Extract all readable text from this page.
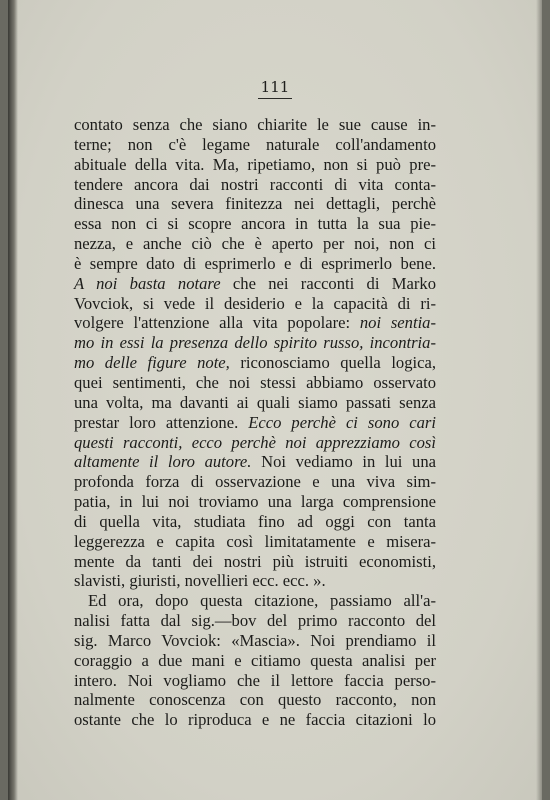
111
contato senza che siano chiarite le sue cause in-
terne; non c'è legame naturale coll'andamento
abituale della vita. Ma, ripetiamo, non si può pre-
tendere ancora dai nostri racconti di vita conta-
dinesca una severa finitezza nei dettagli, perchè
essa non ci si scopre ancora in tutta la sua pie-
nezza, e anche ciò che è aperto per noi, non ci
è sempre dato di esprimerlo e di esprimerlo bene.
A noi basta notare che nei racconti di Marko
Vovciok, si vede il desiderio e la capacità di ri-
volgere l'attenzione alla vita popolare: noi sentia-
mo in essi la presenza dello spirito russo, incontria-
mo delle figure note, riconosciamo quella logica,
quei sentimenti, che noi stessi abbiamo osservato
una volta, ma davanti ai quali siamo passati senza
prestar loro attenzione. Ecco perchè ci sono cari
questi racconti, ecco perchè noi apprezziamo così
altamente il loro autore. Noi vediamo in lui una
profonda forza di osservazione e una viva sim-
patia, in lui noi troviamo una larga comprensione
di quella vita, studiata fino ad oggi con tanta
leggerezza e capita così limitatamente e misera-
mente da tanti dei nostri più istruiti economisti,
slavisti, giuristi, novellieri ecc. ecc. ».
Ed ora, dopo questa citazione, passiamo all'a-
nalisi fatta dal sig.—bov del primo racconto del
sig. Marco Vovciok: «Mascia». Noi prendiamo il
coraggio a due mani e citiamo questa analisi per
intero. Noi vogliamo che il lettore faccia perso-
nalmente conoscenza con questo racconto, non
ostante che lo riproduca e ne faccia citazioni lo
